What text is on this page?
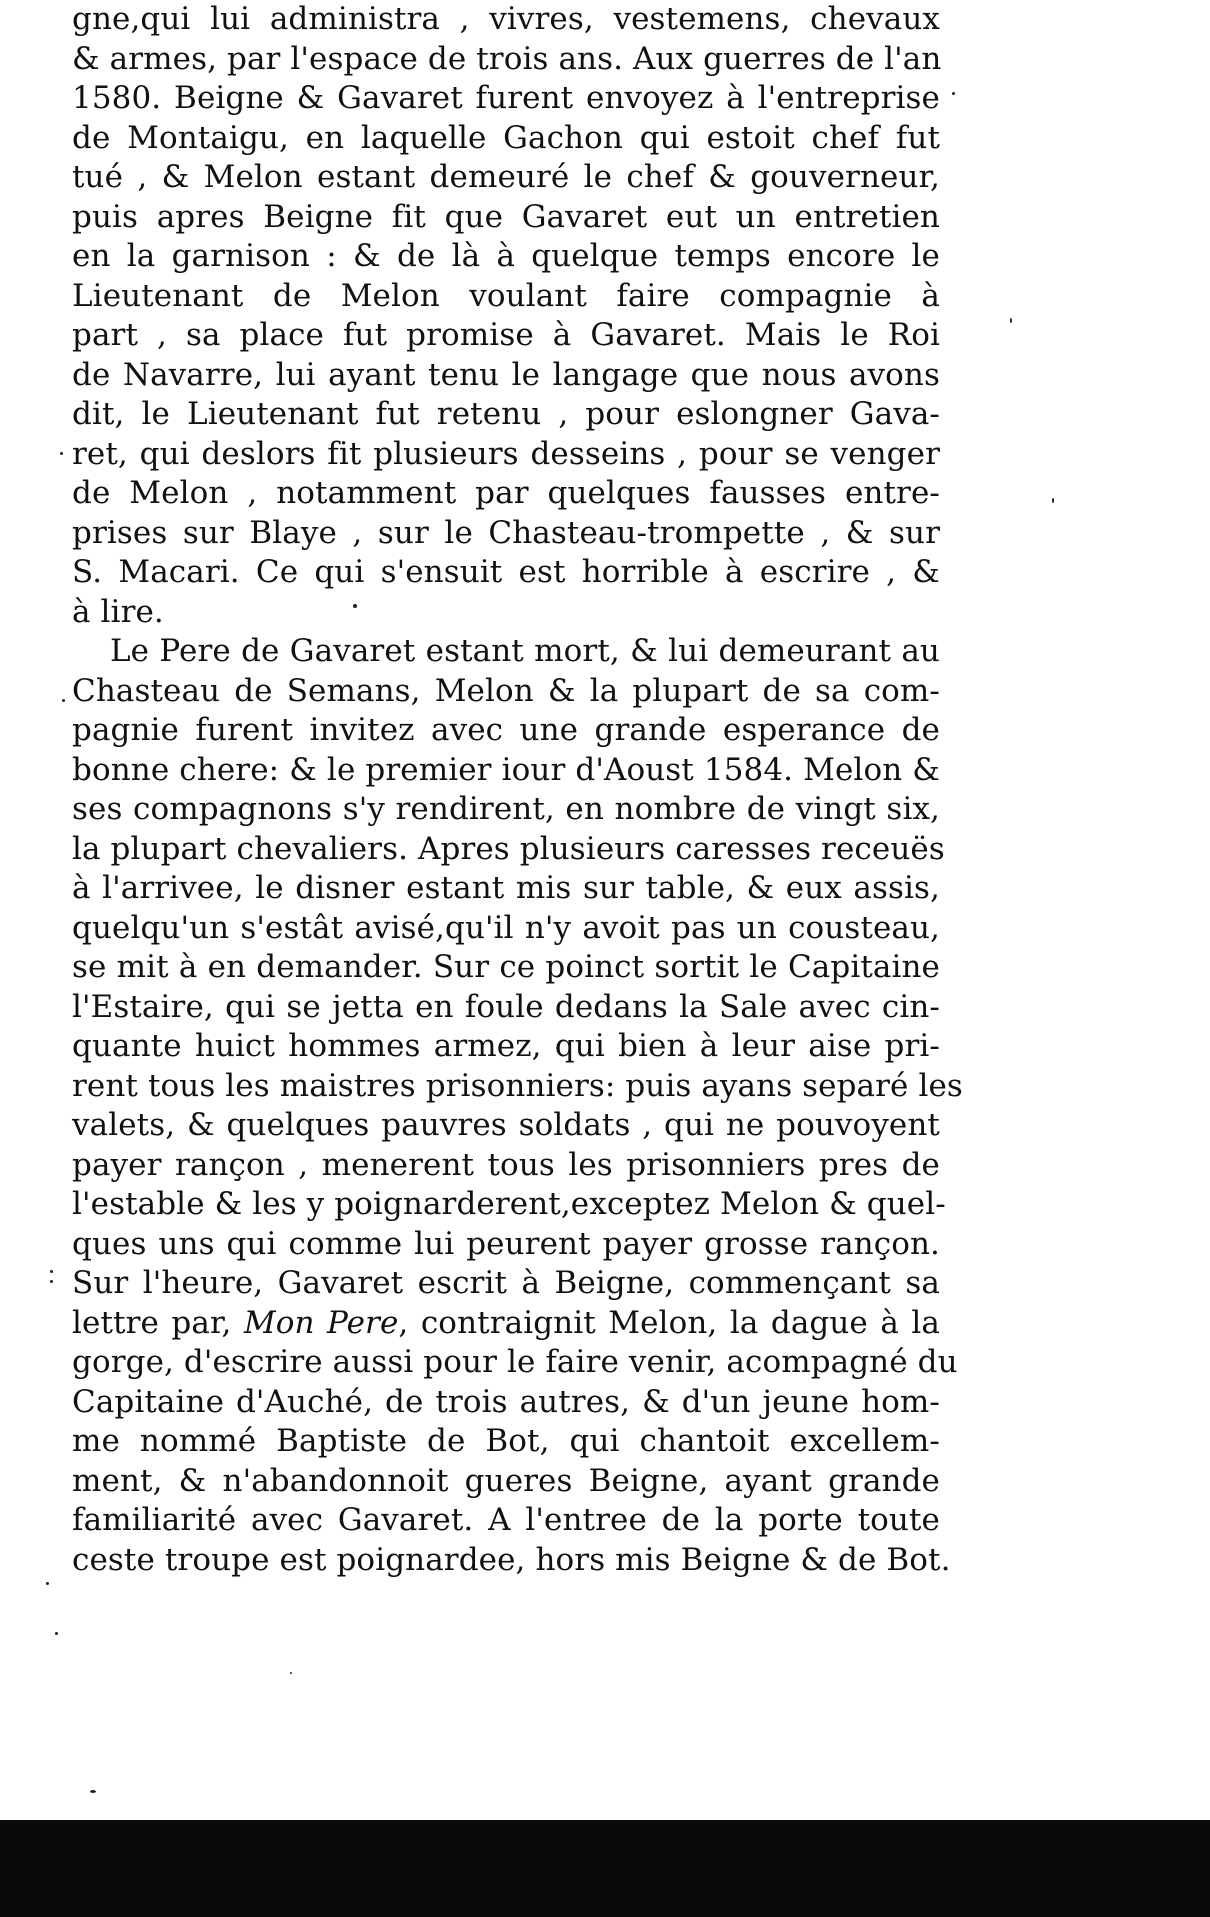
gne,qui lui administra , vivres, vestemens, chevaux
& armes, par l'espace de trois ans. Aux guerres de l'an
1580. Beigne & Gavaret furent envoyez à l'entreprise
de Montaigu, en laquelle Gachon qui estoit chef fut
tué , & Melon estant demeuré le chef & gouverneur,
puis apres Beigne fit que Gavaret eut un entretien
en la garnison : & de là à quelque temps encore le
Lieutenant de Melon voulant faire compagnie à
part , sa place fut promise à Gavaret. Mais le Roi
de Navarre, lui ayant tenu le langage que nous avons
dit, le Lieutenant fut retenu , pour eslongner Gava-
ret, qui deslors fit plusieurs desseins , pour se venger
de Melon , notamment par quelques fausses entre-
prises sur Blaye , sur le Chasteau-trompette , & sur
S. Macari. Ce qui s'ensuit est horrible à escrire , &
à lire.
Le Pere de Gavaret estant mort, & lui demeurant au
Chasteau de Semans, Melon & la plupart de sa com-
pagnie furent invitez avec une grande esperance de
bonne chere: & le premier iour d'Aoust 1584. Melon &
ses compagnons s'y rendirent, en nombre de vingt six,
la plupart chevaliers. Apres plusieurs caresses receuës
à l'arrivee, le disner estant mis sur table, & eux assis,
quelqu'un s'estât avisé,qu'il n'y avoit pas un cousteau,
se mit à en demander. Sur ce poinct sortit le Capitaine
l'Estaire, qui se jetta en foule dedans la Sale avec cin-
quante huict hommes armez, qui bien à leur aise pri-
rent tous les maistres prisonniers: puis ayans separé les
valets, & quelques pauvres soldats , qui ne pouvoyent
payer rançon , menerent tous les prisonniers pres de
l'estable & les y poignarderent,exceptez Melon & quel-
ques uns qui comme lui peurent payer grosse rançon.
Sur l'heure, Gavaret escrit à Beigne, commençant sa
lettre par, Mon Pere, contraignit Melon, la dague à la
gorge, d'escrire aussi pour le faire venir, acompagné du
Capitaine d'Auché, de trois autres, & d'un jeune hom-
me nommé Baptiste de Bot, qui chantoit excellem-
ment, & n'abandonnoit gueres Beigne, ayant grande
familiarité avec Gavaret. A l'entree de la porte toute
ceste troupe est poignardee, hors mis Beigne & de Bot.
